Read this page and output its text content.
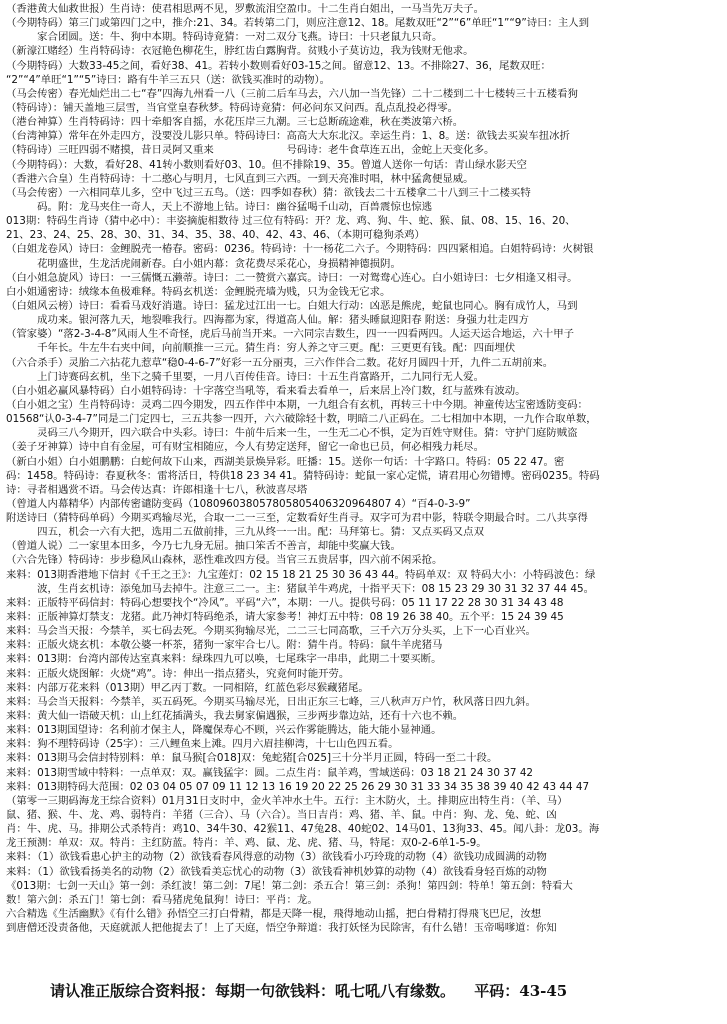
（香港黄大仙救世报）生肖诗：使君相思两不见，罗敷流泪空盈巾。十二生肖白姐出，一马当先万夫子。
（今期特码）第三门或第四门之中，推介:21、34。若转第二门，则应注意12、18。尾数双旺“2”“6”单旺“1”“9”诗曰：主人到
　　　家合团圆。送：牛、狗中本期。特码诗竟猜：一对二双分飞燕。诗曰：十只老鼠九只奇。
（新濠江赌经）生肖特码诗：衣冠艳色柳花生，脖红齿白露胸背。贫贱小子莫访边，我为钱财无他求。
（今期特码）大数33-45之间，看好38、41。若转小数则看好03-15之间。留意12、13。不排除27、36，尾数双旺：
“2”“4”单旺“1”“5”诗曰：路有牛羊三五只（送：欲钱买准时的动物）。
（马会传密）春光灿烂出二七“春”四海九州看一八（三前二后车马去，六八加一当先锋）二十二楼到二十七楼转三十五楼看狗
（特码诗）：铺天盖地三层雪，当官堂皇春秋梦。特码诗竟猜：何必问东又问西。乱点乱投必得零。
（港台神算）生肖特码诗：四十牵船客自摇，水花压岸三九潮。三七总断疏途难，秋在类波第六桥。
（台湾神算）常年在外走四方，没要没儿影只单。特码诗曰：高高大大东北汉。幸运生肖：1、8。送：欲钱去买炭车扭冰折
（特码诗）三旺四弱不赌摸，昔日灵阿又重来　　　　　　　号码诗：老牛食草连五出，金蛇上天变化多。
（今期特码）：大数，看好28、41转小数则看好03、10。但不排除19、35。曾道人送你一句话：青山绿水影天空
（香港六合皇）生肖特码诗：十二憨心与明月，七风直到三六西。一到天亮准时唱，林中猛禽便显威。
（马会传密）一六相同草儿多，空中飞过三五鸟。（送：四季如春秋）猜：欲钱去二十五楼拿二十八到三十二楼买特
　　　码。附：龙马夹住一奇人，天上不游地上钻。诗曰：幽谷猛喝千山动，百兽震惊也惊逃
013期：特码生肖诗（猜中必中）：丰姿摘旎相数待 过三位有特码：开？龙、鸡、狗、牛、蛇、猴、鼠、08、15、16、20、
21、23、24、25、28、30、31、34、35、38、40、42、43、46、（本期可稳狗杀鸡）
（白姐龙卷风）诗曰：金鲤脱壳一椿春。密码：0236。特码诗：十一杨花二六子。今期特码：四四紧相追。白姐特码诗：火树银
　　　花明盛世，生龙活虎闹新春。白小姐内幕：贪花费尽采花心，身损精神德损阴。
（白小姐急旋风）诗曰：一三儒慨五濑蒂。诗曰：二一赞赏六嘉宾。诗曰：一对鸳鸯心连心。白小姐诗曰：七夕相逢又相寻。
白小姐通密诗：绒缘本鱼极难释。特码玄机送：金鲤脱壳墙为贱，只为金钱无它求。
（白姐风云榜）诗曰：看看马戏好消遣。诗曰：猛龙过江出一七。白姐大行动：凶恶是熊虎，蛇鼠也同心。胸有成竹人，马到
　　　成功来。银河落九天，地裂唯我行。四海都为家，得道高人仙。解：猪头睡鼠迎阳春 附送：身强力壮走四方
（管家婆）“落2-3-4-8”风雨人生不奇怪，虎后马前当开来。一六同宗吉数生，四一一四看两四。人运天运合地运，六十甲子
　　　千年长。牛左牛右夹中间，向前顺推一三元。猜生肖：穷人养之守三更。配：三更更有钱。配：四面埋伏
（六合杀手）灵胎二六拈花九惹草“稳0-4-6-7”好彩一五分丽夷，三六作伴合二数。花好月圆四十开，九件二五胡前来。
　　　上门诗赛码玄机，坐下之骑千里要，一月八百传佳音。诗曰：十五生肖富路开，二九同行无人爱。
（白小姐必赢风暴特码）白小姐特码诗：十字落空当吼等，看来看去看单一，后来居上冷门数，红与蓝殊有波动。
（白小姐之宝）生肖特码诗：灵鸡二四今期发，四五作伴中本期，一九组合有玄机，再转三十中今期。神童传达宝密透防变码：
01568“认0-3-4-7”同是二门定四七，三五共参一四开，六六破除轻十数，明暗二八正码在。二七相加中本期，一九作合取单数，
　　　灵码三八今期开，四六联合中头彩。诗曰：牛前牛后来一生，一生无二心不惧，定为百姓守财佳。猜：守护门庭防贼盗
（姜子牙神算）诗中自有金屋，可有财宝相随应，今人有势定送拜，留它一命也已员，何必相残力耗尽。
（新白小姐）白小姐鹏鹏：白蛇何故下山来，西湖美景焕异彩。旺播：15。送你一句话：十字路口。特码：05 22 47。密
码：1458。特码诗：春夏秋冬：雷将活日，特供18 23 34 41。猜特码诗：蛇鼠一家心定慌，请君用心勿错博。密码0235。特码
诗：寻者相遇赏不语。马会传达真：许郎相逢十七八，秋波喜尽塔
（曾道人内幕精华）内部传密谴防变码（108096038057805805406320964807 4）“百4-0-3-9”
附送诗曰（猜特码单码）今期买鸡输尽光，合取一二一三至，定数看好生肖寻。双字可为君中影，特联令期最合时。二八共享得
　　　四五，机会一六有大把，选用二五做前排，三九从终一一出。配：马拜第七。猜：又点买码又点双
（曾道人说）二一家里本田多，今乃七九身无屈。抽口笨舌不善言，却能中奖赢大钱。
（六合先锋）特码诗：步步稳风山森林，恶性难改四方侵。当官三五贵居事，四六前不闲采抢。
来料：013期香港地下信封《千王之王》：九宝莲灯：02 15 18 21 25 30 36 43 44。特码单双：双 特码大小：小特码波色：绿
　　　波，生肖玄机诗：添兔加马去掉牛。注意三二一。主：猪鼠羊牛鸡虎，十指平天下：08 15 23 29 30 31 32 37 44 45。
来料：正版特平码信封：特码心想要找个“冷风”。平码“六”，本期：一八。提供号码：05 11 17 22 28 30 31 34 43 48
来料：正版神算灯禁支：龙猪。此乃神灯特码绝杀，请大家参考！神灯五中特：08 19 26 38 40。五个平：15 24 39 45
来料：马会当天报：今禁羊，买七码去死。今期买狗输尽光，二二三七同高歌，三千六万分头买，上下一心百业兴。
来料：正版火烧玄机：本敬公婆一杯茶，猪狗一家牢合七八。附：猜牛肖。特码：鼠牛羊虎猪马
来料：013期：台湾内部传达室真来料：绿珠四九可以唤，七尾珠字一串串，此期二十要买断。
来料：正版火烧图解：火烧“鸡”。诗：伸出一指点猪头，究竟何时能开劳。
来料：内部万花来料（013期）甲乙丙丁数。一同相陪，红蓝色彩尽猴藏猪尾。
来料：马会当天报料：今禁羊，买五码死。今期买马输尽光，日出正东三七峰，三八秋声万户竹，秋风落日四九斜。
来料：黄大仙一语破天机：山上红花插满头，我去舅家偏遇猴，三步两步靠边站，还有十六也不赖。
来料：013期国望诗：名利前才保主人，降魔保寿心不顾，兴云作雾能腾达，能大能小显神通。
来料：狗不理特码诗（25字）：三八鲤鱼来上滩。四月六眉挂柳湾，十七山色四五看。
来料：013期马会信封特别料：单：鼠马猴[合018]双：兔蛇猪[合025]三十分半月正圆，特码一至二十段。
来料：013期雪域中特料：一点单双：双。赢钱猛字：圆。二点生肖：鼠羊鸡，雪域送码：03 18 21 24 30 37 42
来料：013期特码大范围：02 03 04 05 07 09 11 12 13 16 19 20 22 25 26 29 30 31 33 34 35 38 39 40 42 43 44 47
（第零一三期码海龙王综合资料）01月31日支时中，金火羊冲水土牛。五行：主木防火，土。排期应出特生肖：（羊、马）
鼠、猪、猴、牛、龙、鸡、弱特肖：羊猪（三合）、马（六合）。当日吉肖：鸡、猪、羊、鼠。中肖：狗、龙、兔、蛇、凶
肖：牛、虎、马。排期公式杀特肖：鸡10、34牛30、42猴11、47兔28、40蛇02、14马01、13狗33、45。闻八卦：龙03。海
龙王预测：单双：双。特肖：主红防蓝。特肖：羊、鸡、鼠、龙、虎、猪、马，特尾：双0-2-6单1-5-9。
来料：（1）欲钱看患心护主的动物（2）欲钱看春风得意的动物（3）欲钱看小巧玲珑的动物（4）欲钱功成圆满的动物
来料：（1）欲钱看扬美名的动物（2）欲钱看美忘忧心的动物（3）欲钱看神机妙算的动物（4）欲钱看身轻百炼的动物
《013期：七剑一天山》第一剑：杀红波！第二剑：7尾！第二剑：杀五合！第三剑：杀狗！第四剑：特单！第五剑：特看大
数！第六剑：杀五门！第七剑：看马猪虎兔鼠狗！诗曰：平肖：龙。
六合精选《生活幽默》《有什么错》孙悟空三打白骨精，都是天降一棍，飛得地动山摇，把白骨精打得飛飞巴尼，汝想
到唐僧还没责备他，天庭就派人把他捉去了！上了天庭，悟空争辩道：我打妖怪为民除害，有什么错！玉帝喝嗲道：你知
请认准正版综合资料报：每期一句欲钱料：吼七吼八有缘数。 平码：43-45
